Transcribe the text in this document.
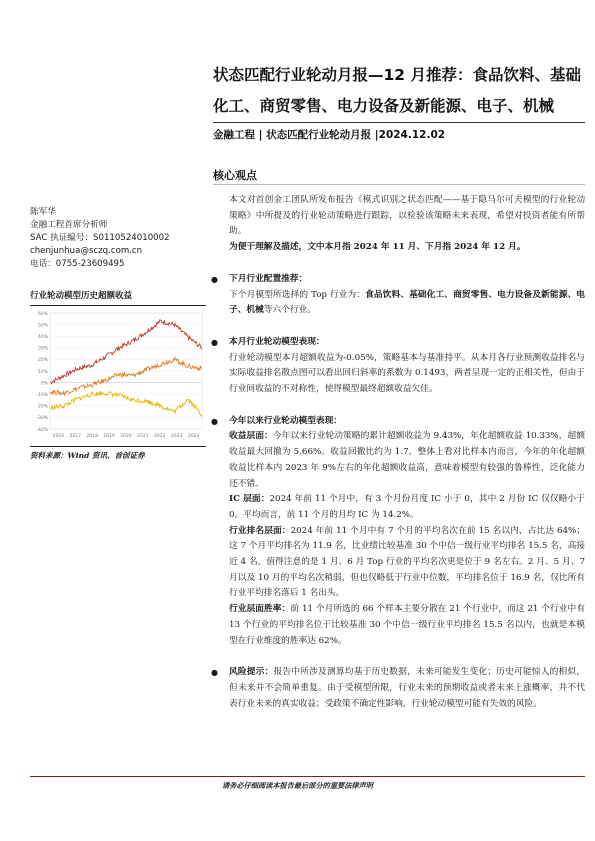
状态匹配行业轮动月报—12 月推荐：食品饮料、基础
化工、商贸零售、电力设备及新能源、电子、机械
金融工程 | 状态匹配行业轮动月报 |2024.12.02
核心观点
陈军华
金融工程首席分析师
SAC 执证编号：S0110524010002
chenjunhua@sczq.com.cn
电话：0755-23609495
行业轮动模型历史超额收益
60%
50%
40%
30%
20%
10%
0%
-10%
-20%
-30%
-40%
2016 2017 2018 2019 2020 2021 2022 2023 2024
资料来源：Wind 资讯、首创证券

本文对首创金工团队所发布报告《模式识别之状态匹配——基于隐马尔可夫模型的行业轮动策略》中所提及的行业轮动策略进行跟踪，以检验该策略未来表现，希望对投资者能有所帮助。

为便于理解及描述，文中本月指 2024 年 11 月、下月指 2024 年 12 月。

● 下月行业配置推荐：

下个月模型所选择的 Top 行业为：食品饮料、基础化工、商贸零售、电力设备及新能源、电子、机械等六个行业。

● 本月行业轮动模型表现：

行业轮动模型本月超额收益为-0.05%，策略基本与基准持平。从本月各行业预测收益排名与实际收益排名散点图可以看出回归斜率的系数为 0.1493，两者呈现一定的正相关性，但由于行业间收益的不对称性，使得模型最终超额收益欠佳。

● 今年以来行业轮动模型表现：

收益层面：今年以来行业轮动策略的累计超额收益为 9.43%，年化超额收益 10.33%，超额收益最大回撤为 5.66%。收益回撤比约为 1.7。整体上看对比样本内而言，今年的年化超额收益比样本内 2023 年 9%左右的年化超额收益高，意味着模型有较强的鲁棒性，泛化能力还不错。

IC 层面：2024 年前 11 个月中，有 3 个月份月度 IC 小于 0，其中 2 月份 IC 仅仅略小于 0。平均而言，前 11 个月的月均 IC 为 14.2%。

行业排名层面：2024 年前 11 个月中有 7 个月的平均名次在前 15 名以内，占比达 64%；这 7 个月平均排名为 11.9 名，比业绩比较基准 30 个中信一级行业平均排名 15.5 名，高接近 4 名。值得注意的是 1 月、6 月 Top 行业的平均名次更是位于 9 名左右。2 月、5 月、7 月以及 10 月的平均名次稍弱，但也仅略低于行业中位数，平均排名位于 16.9 名，仅比所有行业平均排名落后 1 名出头。

行业层面胜率：前 11 个月所选的 66 个样本主要分散在 21 个行业中，而这 21 个行业中有 13 个行业的平均排名位于比较基准 30 个中信一级行业平均排名 15.5 名以内，也就是本模型在行业维度的胜率达 62%。

● 风险提示：报告中所涉及测算均基于历史数据，未来可能发生变化；历史可能惊人的相似，但未来并不会简单重复。由于受模型所限，行业未来的预期收益或者未来上涨概率，并不代表行业未来的真实收益；受政策不确定性影响，行业轮动模型可能有失效的风险。

请务必仔细阅读本报告最后部分的重要法律声明
